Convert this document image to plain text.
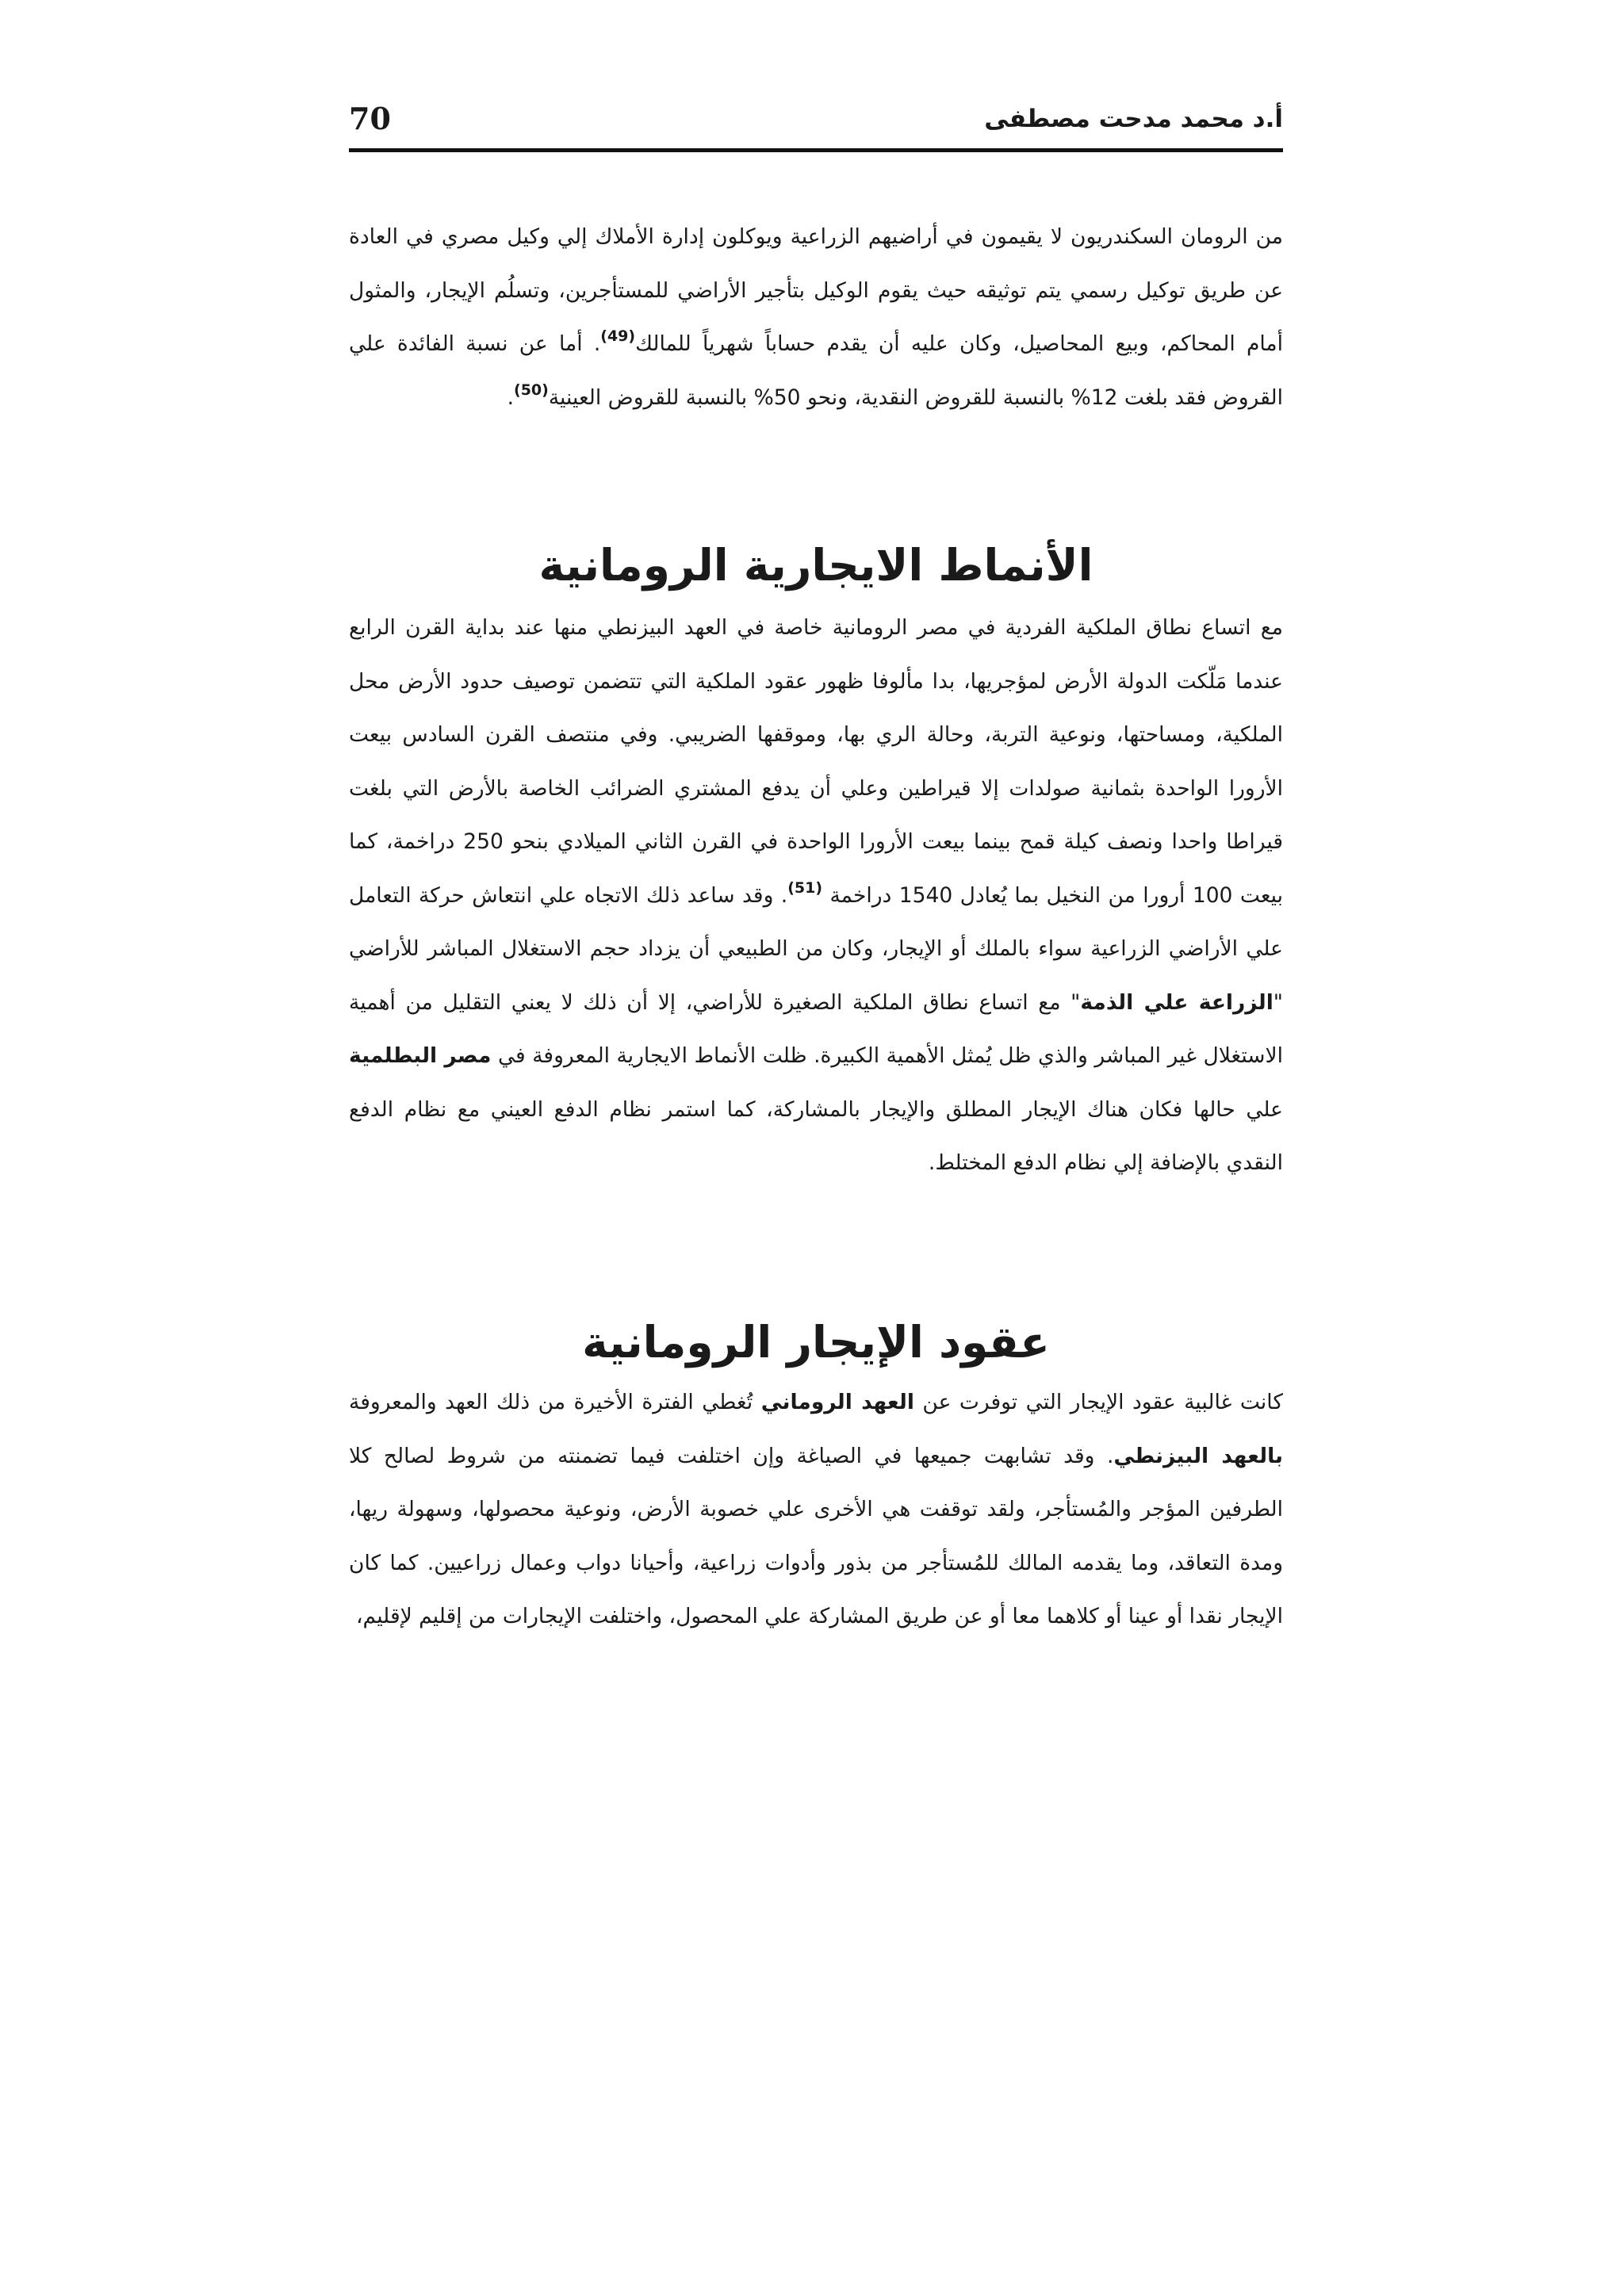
70	أ.د محمد مدحت مصطفى

من الرومان السكندريون لا يقيمون في أراضيهم الزراعية ويوكلون إدارة الأملاك إلي وكيل مصري في العادة عن طريق توكيل رسمي يتم توثيقه حيث يقوم الوكيل بتأجير الأراضي للمستأجرين، وتسلُم الإيجار، والمثول أمام المحاكم، وبيع المحاصيل، وكان عليه أن يقدم حساباً شهرياً للمالك$^{(49)}$. أما عن نسبة الفائدة علي القروض فقد بلغت 12% بالنسبة للقروض النقدية، ونحو 50% بالنسبة للقروض العينية$^{(50)}$.

الأنماط الايجارية الرومانية

مع اتساع نطاق الملكية الفردية في مصر الرومانية خاصة في العهد البيزنطي منها عند بداية القرن الرابع عندما مَلّكت الدولة الأرض لمؤجريها، بدا مألوفا ظهور عقود الملكية التي تتضمن توصيف حدود الأرض محل الملكية، ومساحتها، ونوعية التربة، وحالة الري بها، وموقفها الضريبي. وفي منتصف القرن السادس بيعت الأرورا الواحدة بثمانية صولدات إلا قيراطين وعلي أن يدفع المشتري الضرائب الخاصة بالأرض التي بلغت قيراطا واحدا ونصف كيلة قمح بينما بيعت الأرورا الواحدة في القرن الثاني الميلادي بنحو 250 دراخمة، كما بيعت 100 أرورا من النخيل بما يُعادل 1540 دراخمة $^{(51)}$. وقد ساعد ذلك الاتجاه علي انتعاش حركة التعامل علي الأراضي الزراعية سواء بالملك أو الإيجار، وكان من الطبيعي أن يزداد حجم الاستغلال المباشر للأراضي "الزراعة علي الذمة" مع اتساع نطاق الملكية الصغيرة للأراضي، إلا أن ذلك لا يعني التقليل من أهمية الاستغلال غير المباشر والذي ظل يُمثل الأهمية الكبيرة. ظلت الأنماط الايجارية المعروفة في مصر البطلمية علي حالها فكان هناك الإيجار المطلق والإيجار بالمشاركة، كما استمر نظام الدفع العيني مع نظام الدفع النقدي بالإضافة إلي نظام الدفع المختلط.

عقود الإيجار الرومانية

كانت غالبية عقود الإيجار التي توفرت عن العهد الروماني تُغطي الفترة الأخيرة من ذلك العهد والمعروفة بالعهد البيزنطي. وقد تشابهت جميعها في الصياغة وإن اختلفت فيما تضمنته من شروط لصالح كلا الطرفين المؤجر والمُستأجر، ولقد توقفت هي الأخرى علي خصوبة الأرض، ونوعية محصولها، وسهولة ريها، ومدة التعاقد، وما يقدمه المالك للمُستأجر من بذور وأدوات زراعية، وأحيانا دواب وعمال زراعيين. كما كان الإيجار نقدا أو عينا أو كلاهما معا أو عن طريق المشاركة علي المحصول، واختلفت الإيجارات من إقليم لإقليم،
